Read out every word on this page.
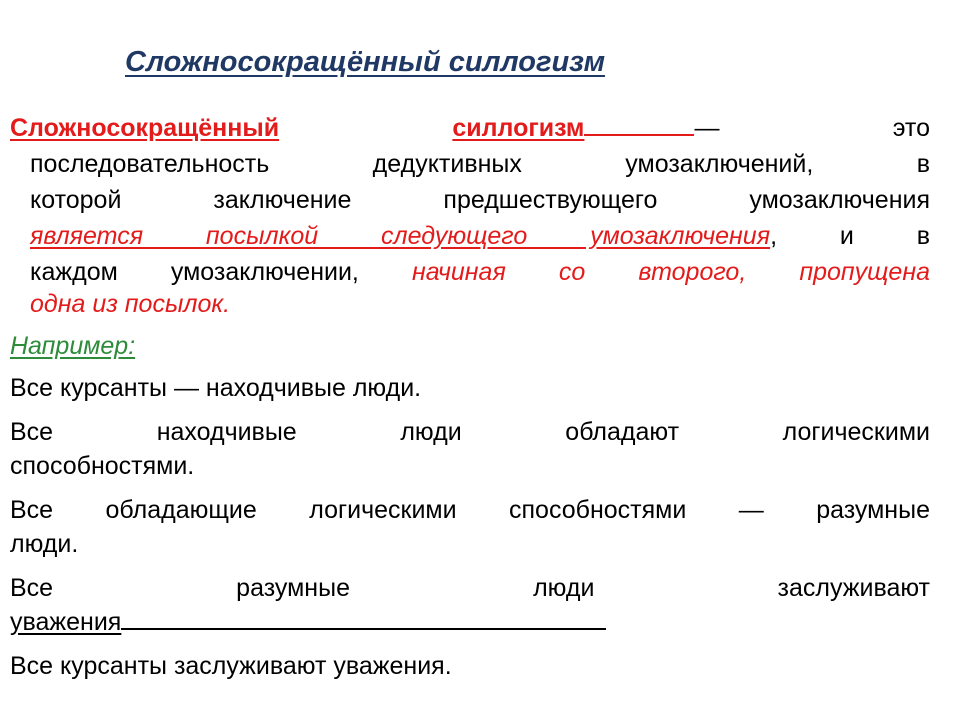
Сложносокращённый силлогизм
Сложносокращённый	силлогизм	—	это
последовательность дедуктивных умозаключений, в
которой заключение предшествующего умозаключения
является посылкой следующего умозаключения, и в
каждом умозаключении, начиная со второго, пропущена
одна из посылок.
Например:
Все курсанты — находчивые люди.
Все находчивые люди обладают логическими
способностями.
Все обладающие логическими способностями — разумные
люди.
Все разумные люди заслуживают
уважения
Все курсанты заслуживают уважения.
